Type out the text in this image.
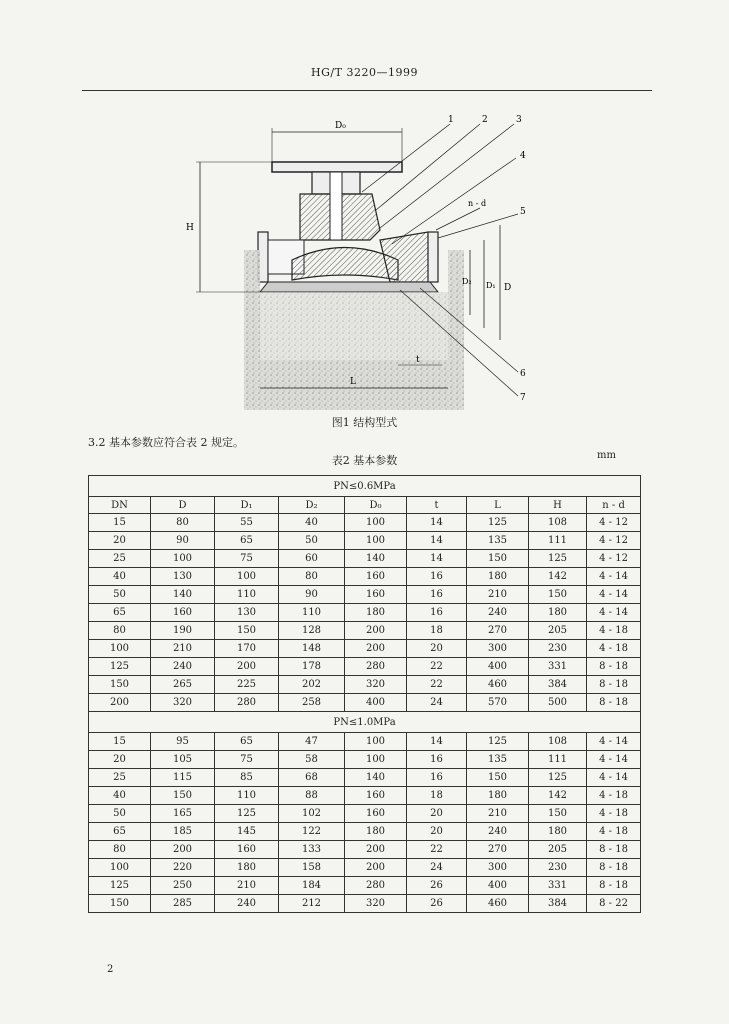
HG/T 3220—1999
D₀
H
L
t
D
D₁
D₂
1	2	3
4
5
6
7
n - d
图1 结构型式
3.2 基本参数应符合表 2 规定。
表2 基本参数	mm
PN≤0.6MPa								
DN	D	D₁	D₂	D₀	t	L	H	n - d
15	80	55	40	100	14	125	108	4 - 12
20	90	65	50	100	14	135	111	4 - 12
25	100	75	60	140	14	150	125	4 - 12
40	130	100	80	160	16	180	142	4 - 14
50	140	110	90	160	16	210	150	4 - 14
65	160	130	110	180	16	240	180	4 - 14
80	190	150	128	200	18	270	205	4 - 18
100	210	170	148	200	20	300	230	4 - 18
125	240	200	178	280	22	400	331	8 - 18
150	265	225	202	320	22	460	384	8 - 18
200	320	280	258	400	24	570	500	8 - 18
PN≤1.0MPa								
15	95	65	47	100	14	125	108	4 - 14
20	105	75	58	100	16	135	111	4 - 14
25	115	85	68	140	16	150	125	4 - 14
40	150	110	88	160	18	180	142	4 - 18
50	165	125	102	160	20	210	150	4 - 18
65	185	145	122	180	20	240	180	4 - 18
80	200	160	133	200	22	270	205	8 - 18
100	220	180	158	200	24	300	230	8 - 18
125	250	210	184	280	26	400	331	8 - 18
150	285	240	212	320	26	460	384	8 - 22
2
